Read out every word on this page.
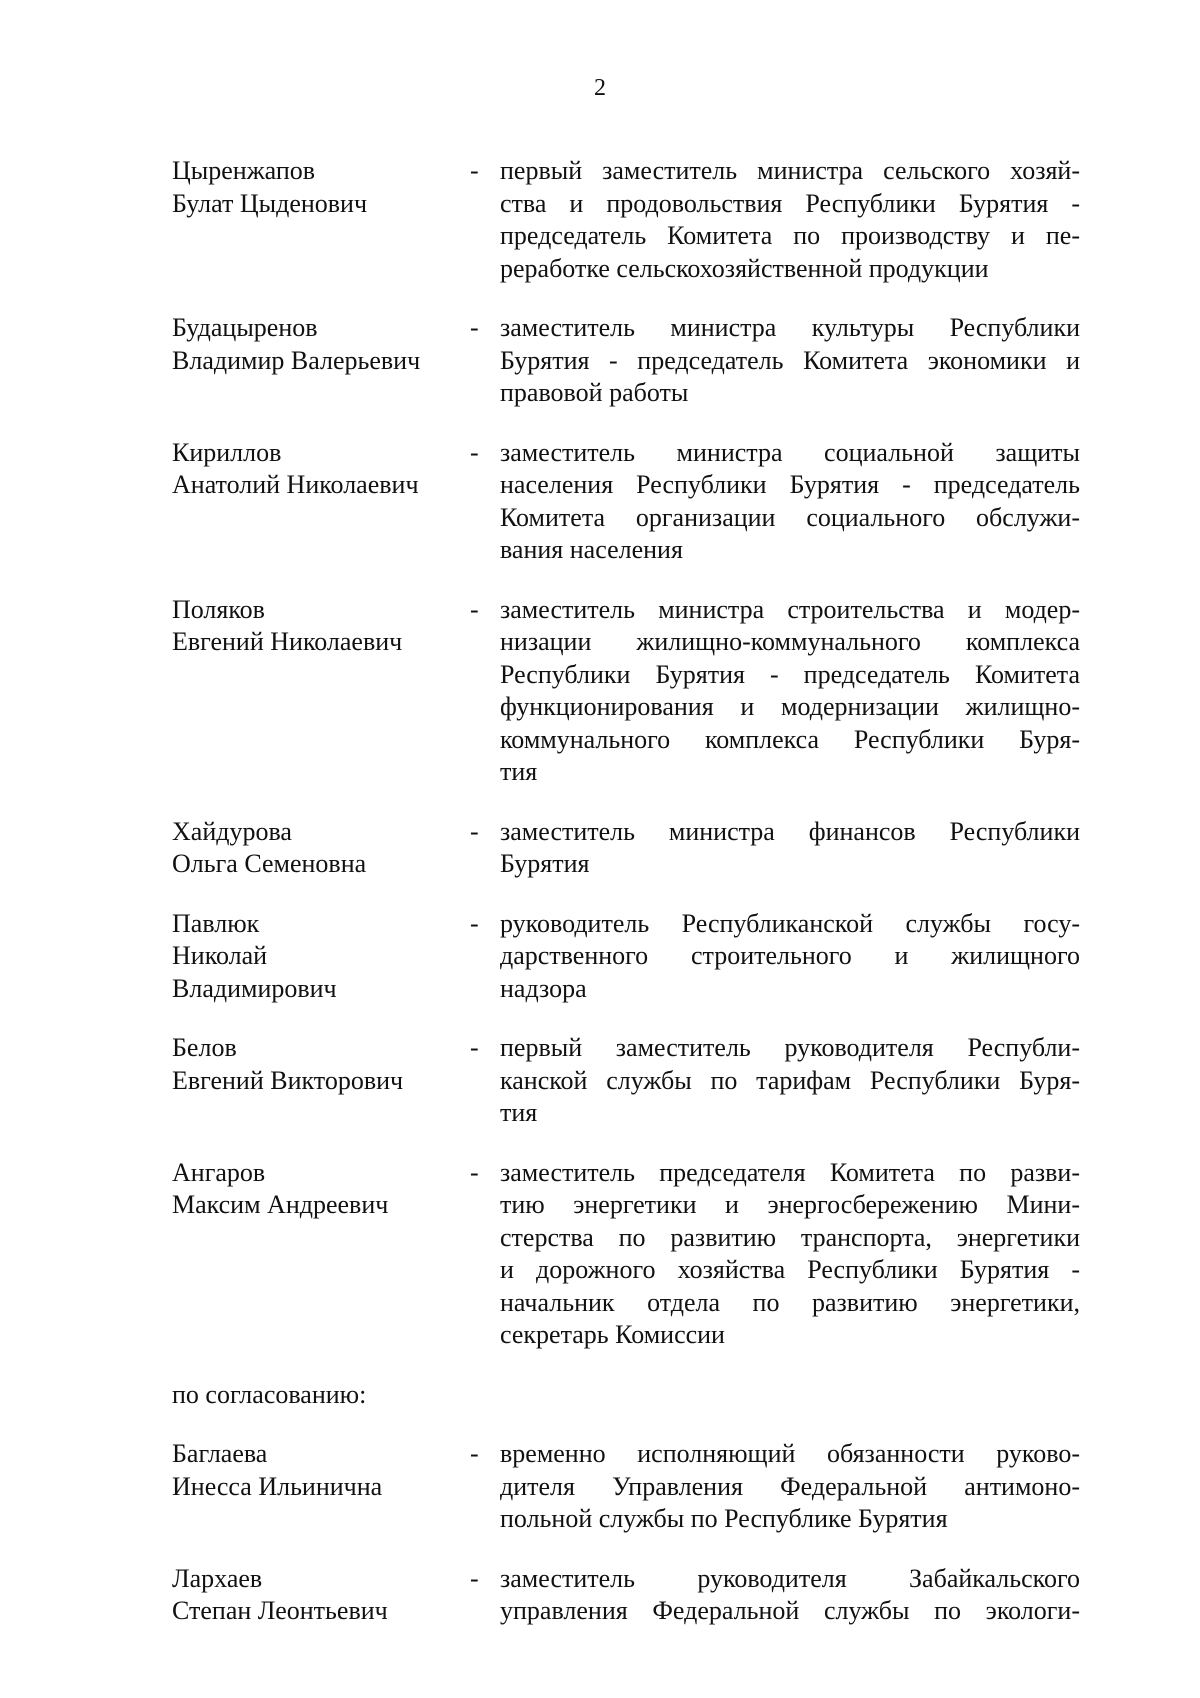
2
Цыренжапов
Булат Цыденович
- первый заместитель министра сельского хозяй-
ства и продовольствия Республики Бурятия -
председатель Комитета по производству и пе-
реработке сельскохозяйственной продукции
Будацыренов
Владимир Валерьевич
- заместитель министра культуры Республики
Бурятия - председатель Комитета экономики и
правовой работы
Кириллов
Анатолий Николаевич
- заместитель министра социальной защиты
населения Республики Бурятия - председатель
Комитета организации социального обслужи-
вания населения
Поляков
Евгений Николаевич
- заместитель министра строительства и модер-
низации жилищно-коммунального комплекса
Республики Бурятия - председатель Комитета
функционирования и модернизации жилищно-
коммунального комплекса Республики Буря-
тия
Хайдурова
Ольга Семеновна
- заместитель министра финансов Республики
Бурятия
Павлюк
Николай
Владимирович
- руководитель Республиканской службы госу-
дарственного строительного и жилищного
надзора
Белов
Евгений Викторович
- первый заместитель руководителя Республи-
канской службы по тарифам Республики Буря-
тия
Ангаров
Максим Андреевич
- заместитель председателя Комитета по разви-
тию энергетики и энергосбережению Мини-
стерства по развитию транспорта, энергетики
и дорожного хозяйства Республики Бурятия -
начальник отдела по развитию энергетики,
секретарь Комиссии
по согласованию:
Баглаева
Инесса Ильинична
- временно исполняющий обязанности руково-
дителя Управления Федеральной антимоно-
польной службы по Республике Бурятия
Лархаев
Степан Леонтьевич
- заместитель руководителя Забайкальского
управления Федеральной службы по экологи-
